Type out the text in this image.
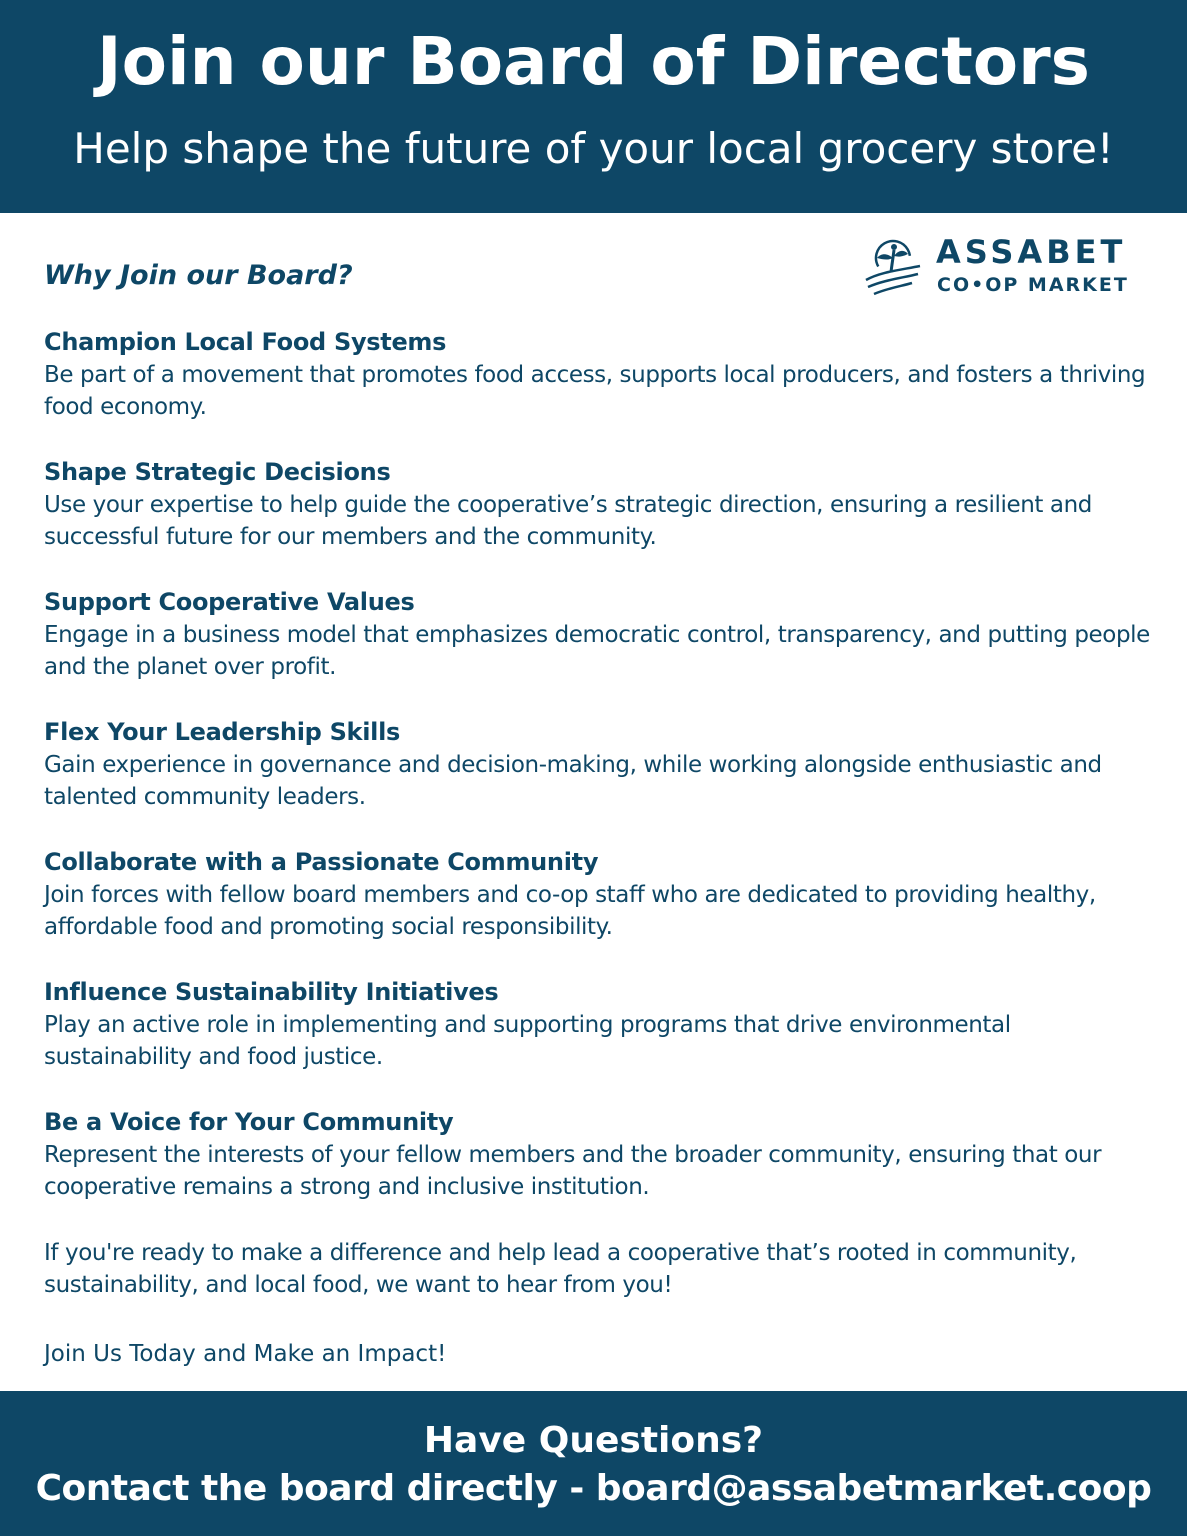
Join our Board of Directors
Help shape the future of your local grocery store!
Why Join our Board?
ASSABET
CO•OP MARKET

Champion Local Food Systems

Be part of a movement that promotes food access, supports local producers, and fosters a thriving food economy.

Shape Strategic Decisions

Use your expertise to help guide the cooperative’s strategic direction, ensuring a resilient and successful future for our members and the community.

Support Cooperative Values

Engage in a business model that emphasizes democratic control, transparency, and putting people and the planet over profit.

Flex Your Leadership Skills

Gain experience in governance and decision-making, while working alongside enthusiastic and talented community leaders.

Collaborate with a Passionate Community

Join forces with fellow board members and co-op staff who are dedicated to providing healthy, affordable food and promoting social responsibility.

Influence Sustainability Initiatives

Play an active role in implementing and supporting programs that drive environmental sustainability and food justice.

Be a Voice for Your Community

Represent the interests of your fellow members and the broader community, ensuring that our cooperative remains a strong and inclusive institution.

If you're ready to make a difference and help lead a cooperative that’s rooted in community, sustainability, and local food, we want to hear from you!

Join Us Today and Make an Impact!

Have Questions?
Contact the board directly - board@assabetmarket.coop
